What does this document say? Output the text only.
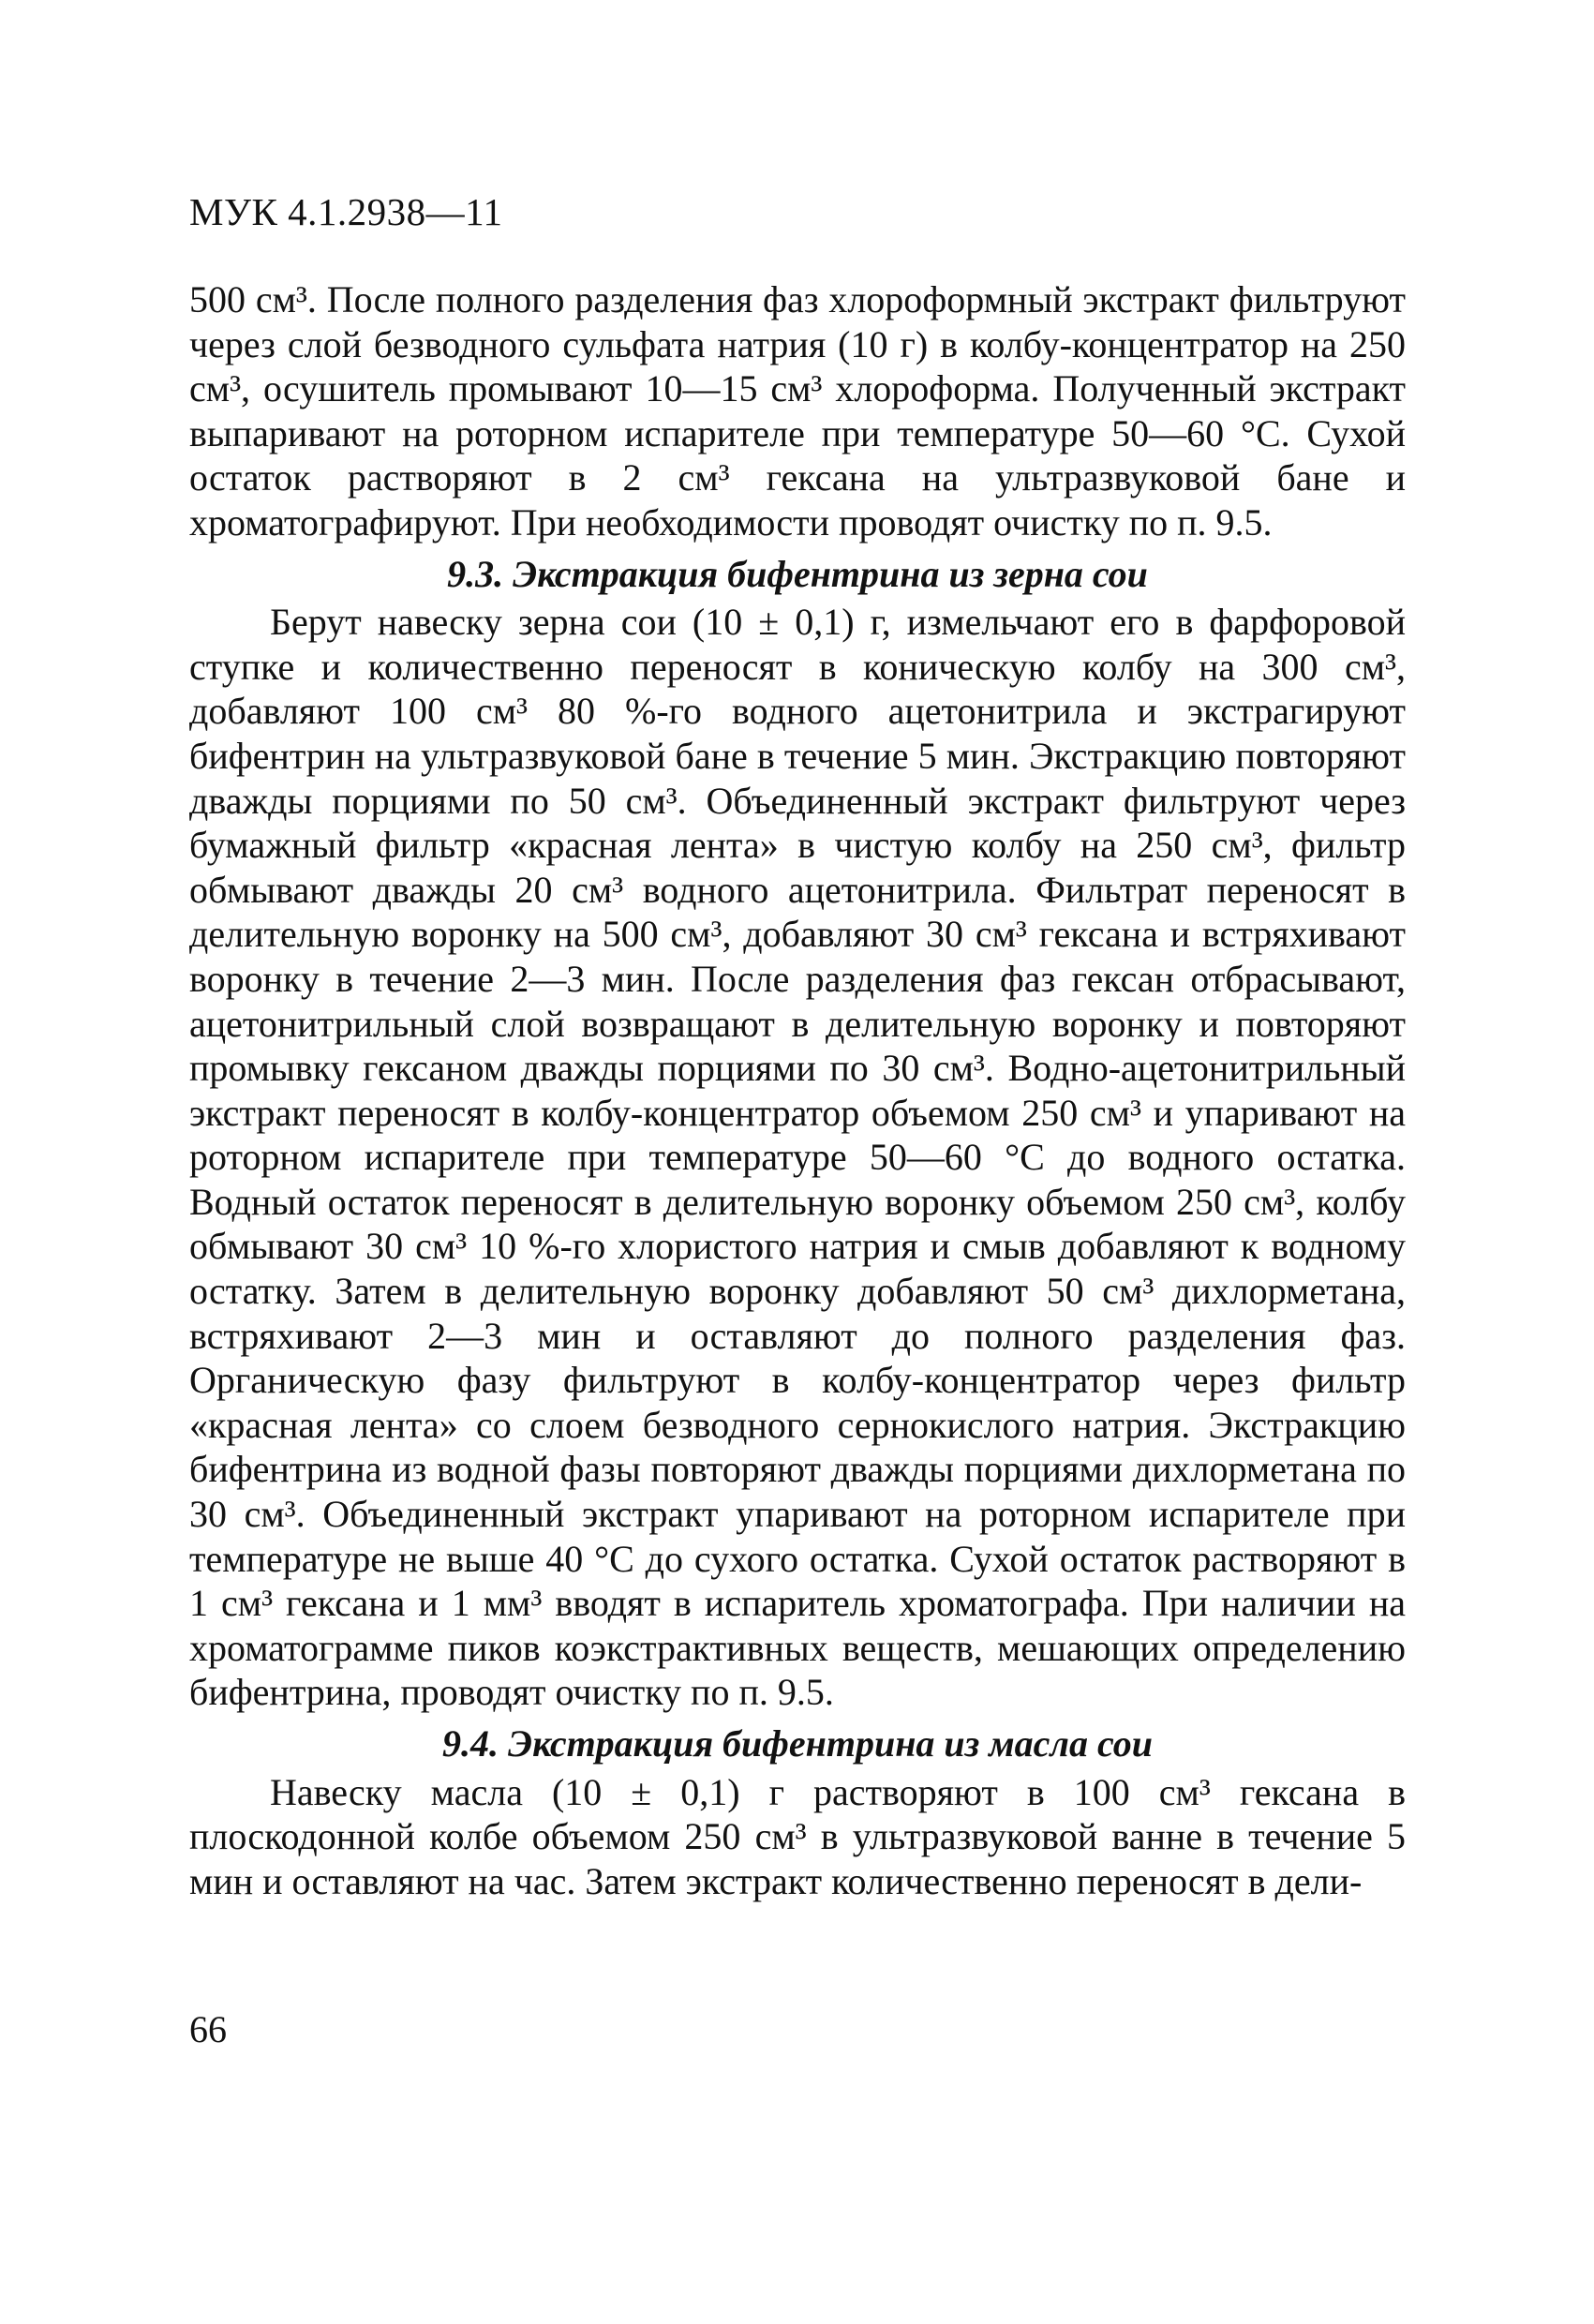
МУК 4.1.2938—11

500 см³. После полного разделения фаз хлороформный экстракт фильтруют через слой безводного сульфата натрия (10 г) в колбу-концентратор на 250 см³, осушитель промывают 10—15 см³ хлороформа. Полученный экстракт выпаривают на роторном испарителе при температуре 50—60 °С. Сухой остаток растворяют в 2 см³ гексана на ультразвуковой бане и хроматографируют. При необходимости проводят очистку по п. 9.5.

9.3. Экстракция бифентрина из зерна сои

Берут навеску зерна сои (10 ± 0,1) г, измельчают его в фарфоровой ступке и количественно переносят в коническую колбу на 300 см³, добавляют 100 см³ 80 %-го водного ацетонитрила и экстрагируют бифентрин на ультразвуковой бане в течение 5 мин. Экстракцию повторяют дважды порциями по 50 см³. Объединенный экстракт фильтруют через бумажный фильтр «красная лента» в чистую колбу на 250 см³, фильтр обмывают дважды 20 см³ водного ацетонитрила. Фильтрат переносят в делительную воронку на 500 см³, добавляют 30 см³ гексана и встряхивают воронку в течение 2—3 мин. После разделения фаз гексан отбрасывают, ацетонитрильный слой возвращают в делительную воронку и повторяют промывку гексаном дважды порциями по 30 см³. Водно-ацетонитрильный экстракт переносят в колбу-концентратор объемом 250 см³ и упаривают на роторном испарителе при температуре 50—60 °С до водного остатка. Водный остаток переносят в делительную воронку объемом 250 см³, колбу обмывают 30 см³ 10 %-го хлористого натрия и смыв добавляют к водному остатку. Затем в делительную воронку добавляют 50 см³ дихлорметана, встряхивают 2—3 мин и оставляют до полного разделения фаз. Органическую фазу фильтруют в колбу-концентратор через фильтр «красная лента» со слоем безводного сернокислого натрия. Экстракцию бифентрина из водной фазы повторяют дважды порциями дихлорметана по 30 см³. Объединенный экстракт упаривают на роторном испарителе при температуре не выше 40 °С до сухого остатка. Сухой остаток растворяют в 1 см³ гексана и 1 мм³ вводят в испаритель хроматографа. При наличии на хроматограмме пиков коэкстрактивных веществ, мешающих определению бифентрина, проводят очистку по п. 9.5.

9.4. Экстракция бифентрина из масла сои

Навеску масла (10 ± 0,1) г растворяют в 100 см³ гексана в плоскодонной колбе объемом 250 см³ в ультразвуковой ванне в течение 5 мин и оставляют на час. Затем экстракт количественно переносят в дели-

66
